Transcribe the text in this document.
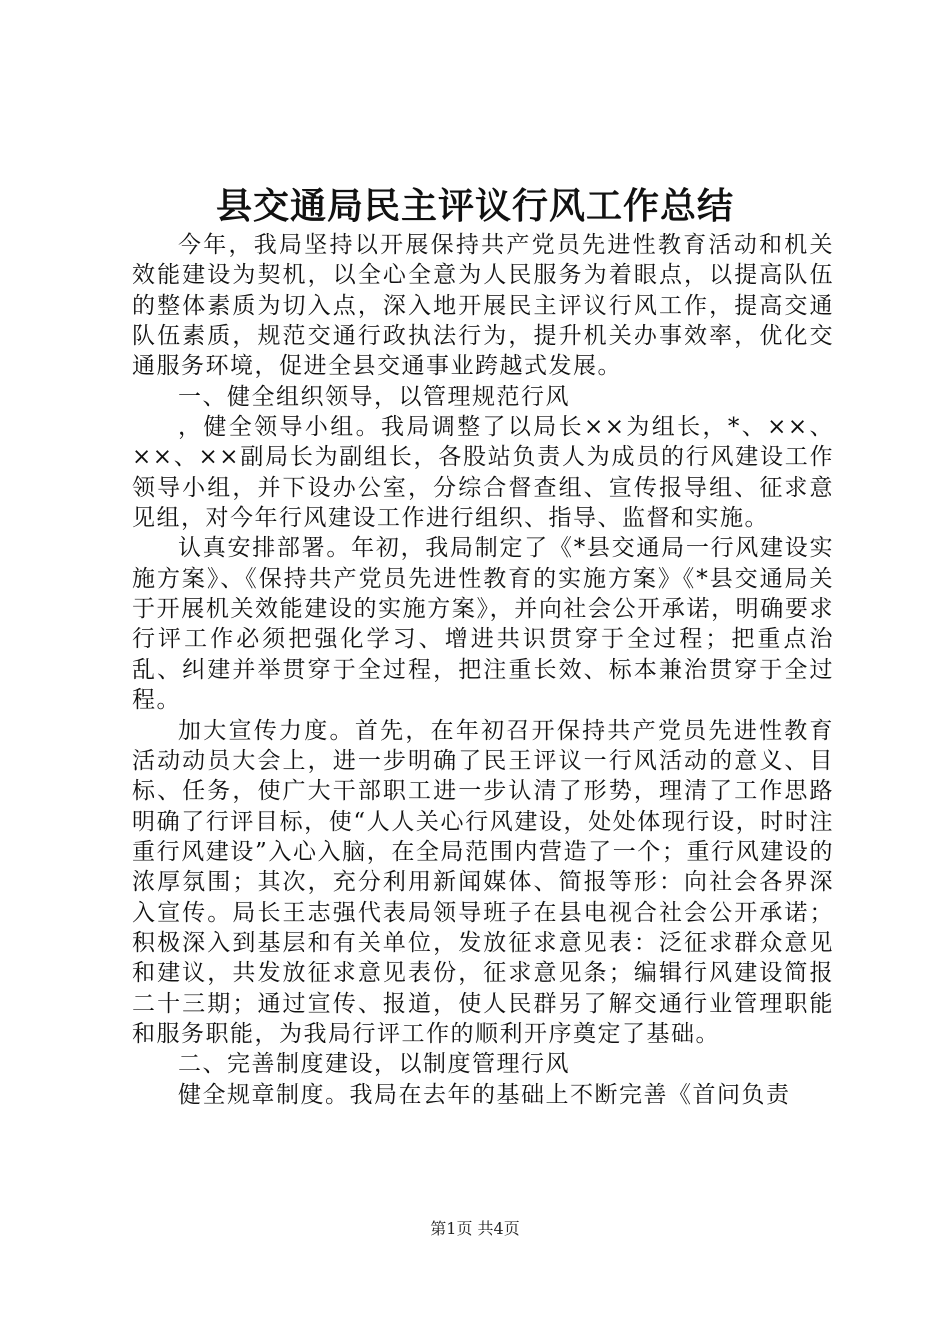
县交通局民主评议行风工作总结

今年，我局坚持以开展保持共产党员先进性教育活动和机关效能建设为契机，以全心全意为人民服务为着眼点，以提高队伍的整体素质为切入点，深入地开展民主评议行风工作，提高交通队伍素质，规范交通行政执法行为，提升机关办事效率，优化交通服务环境，促进全县交通事业跨越式发展。

一、健全组织领导，以管理规范行风

，健全领导小组。我局调整了以局长××为组长，*、××、××、××副局长为副组长，各股站负责人为成员的行风建设工作领导小组，并下设办公室，分综合督查组、宣传报导组、征求意见组，对今年行风建设工作进行组织、指导、监督和实施。

认真安排部署。年初，我局制定了《*县交通局一行风建设实施方案》、《保持共产党员先进性教育的实施方案》《*县交通局关于开展机关效能建设的实施方案》，并向社会公开承诺，明确要求行评工作必须把强化学习、增进共识贯穿于全过程；把重点治乱、纠建并举贯穿于全过程，把注重长效、标本兼治贯穿于全过程。

加大宣传力度。首先，在年初召开保持共产党员先进性教育活动动员大会上，进一步明确了民王评议一行风活动的意义、目标、任务，使广大干部职工进一步认清了形势，理清了工作思路明确了行评目标，使“人人关心行风建设，处处体现行设，时时注重行风建设”入心入脑，在全局范围内营造了一个；重行风建设的浓厚氛围；其次，充分利用新闻媒体、简报等形：向社会各界深入宣传。局长王志强代表局领导班子在县电视合社会公开承诺；积极深入到基层和有关单位，发放征求意见表：泛征求群众意见和建议，共发放征求意见表份，征求意见条；编辑行风建设简报二十三期；通过宣传、报道，使人民群另了解交通行业管理职能和服务职能，为我局行评工作的顺利开序奠定了基础。

二、完善制度建设，以制度管理行风

健全规章制度。我局在去年的基础上不断完善《首问负责

第1页 共4页
